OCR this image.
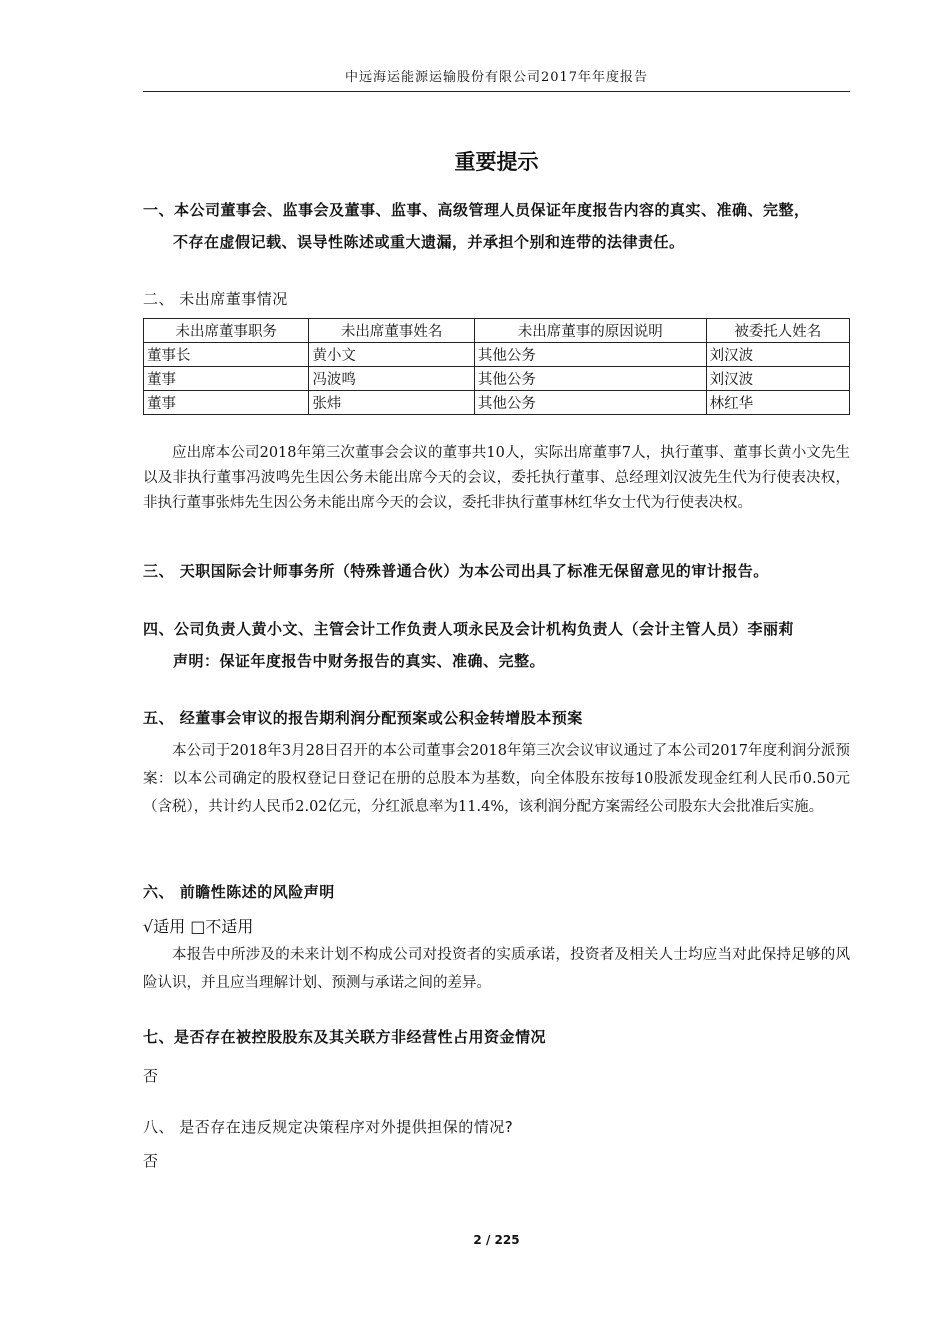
中远海运能源运输股份有限公司2017年年度报告
重要提示
一、本公司董事会、监事会及董事、监事、高级管理人员保证年度报告内容的真实、准确、完整，
不存在虚假记载、误导性陈述或重大遗漏，并承担个别和连带的法律责任。
二、 未出席董事情况
未出席董事职务	未出席董事姓名	未出席董事的原因说明	被委托人姓名
董事长	黄小文	其他公务	刘汉波
董事	冯波鸣	其他公务	刘汉波
董事	张炜	其他公务	林红华
应出席本公司2018年第三次董事会会议的董事共10人，实际出席董事7人，执行董事、董事长黄小文先生以及非执行董事冯波鸣先生因公务未能出席今天的会议，委托执行董事、总经理刘汉波先生代为行使表决权，非执行董事张炜先生因公务未能出席今天的会议，委托非执行董事林红华女士代为行使表决权。
三、 天职国际会计师事务所（特殊普通合伙）为本公司出具了标准无保留意见的审计报告。
四、公司负责人黄小文、主管会计工作负责人项永民及会计机构负责人（会计主管人员）李丽莉
声明：保证年度报告中财务报告的真实、准确、完整。
五、 经董事会审议的报告期利润分配预案或公积金转增股本预案
本公司于2018年3月28日召开的本公司董事会2018年第三次会议审议通过了本公司2017年度利润分派预案：以本公司确定的股权登记日登记在册的总股本为基数，向全体股东按每10股派发现金红利人民币0.50元（含税），共计约人民币2.02亿元，分红派息率为11.4%，该利润分配方案需经公司股东大会批准后实施。
六、 前瞻性陈述的风险声明
√适用 □不适用
本报告中所涉及的未来计划不构成公司对投资者的实质承诺，投资者及相关人士均应当对此保持足够的风险认识，并且应当理解计划、预测与承诺之间的差异。
七、是否存在被控股股东及其关联方非经营性占用资金情况
否
八、 是否存在违反规定决策程序对外提供担保的情况?
否
2 / 225
